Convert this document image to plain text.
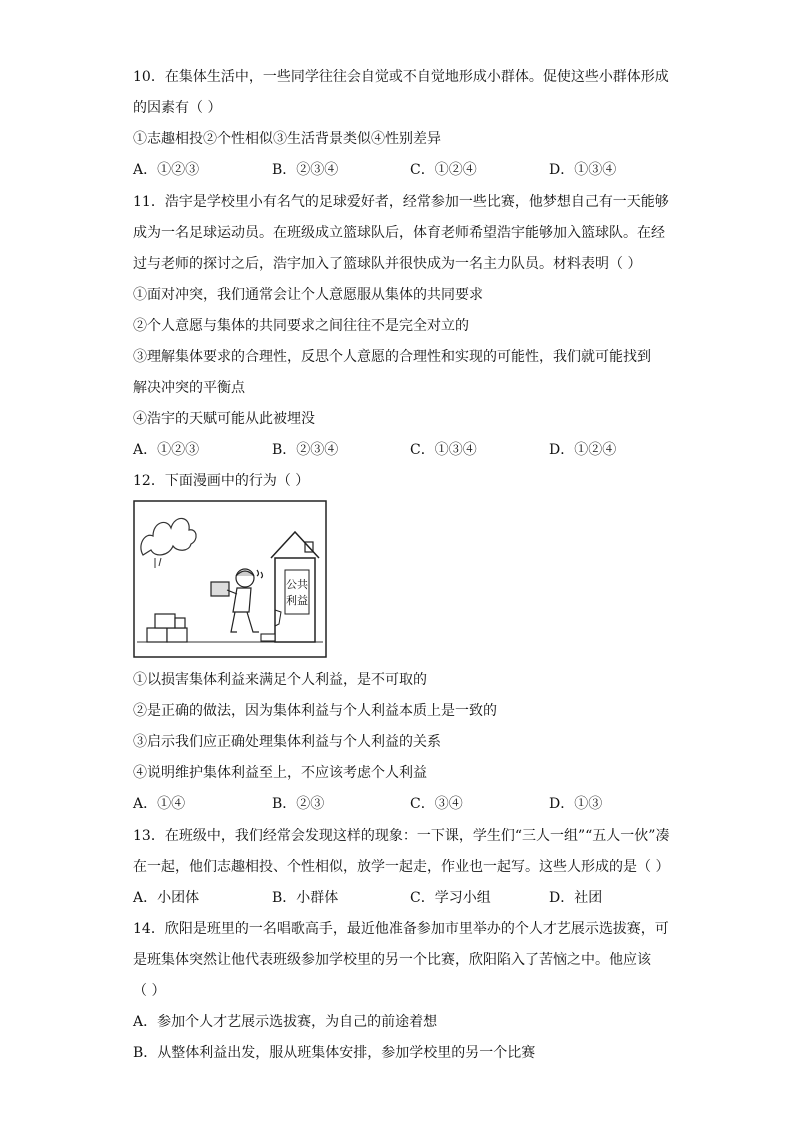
10．在集体生活中，一些同学往往会自觉或不自觉地形成小群体。促使这些小群体形成
的因素有（ ）
①志趣相投②个性相似③生活背景类似④性别差异
A．①②③	B．②③④	C．①②④	D．①③④
11．浩宇是学校里小有名气的足球爱好者，经常参加一些比赛，他梦想自己有一天能够
成为一名足球运动员。在班级成立篮球队后，体育老师希望浩宇能够加入篮球队。在经
过与老师的探讨之后，浩宇加入了篮球队并很快成为一名主力队员。材料表明（ ）
①面对冲突，我们通常会让个人意愿服从集体的共同要求
②个人意愿与集体的共同要求之间往往不是完全对立的
③理解集体要求的合理性，反思个人意愿的合理性和实现的可能性，我们就可能找到
解决冲突的平衡点
④浩宇的天赋可能从此被埋没
A．①②③	B．②③④	C．①③④	D．①②④
12．下面漫画中的行为（ ）
公共
利益
①以损害集体利益来满足个人利益，是不可取的
②是正确的做法，因为集体利益与个人利益本质上是一致的
③启示我们应正确处理集体利益与个人利益的关系
④说明维护集体利益至上，不应该考虑个人利益
A．①④	B．②③	C．③④	D．①③
13．在班级中，我们经常会发现这样的现象：一下课，学生们“三人一组”“五人一伙”凑
在一起，他们志趣相投、个性相似，放学一起走，作业也一起写。这些人形成的是（ ）
A．小团体	B．小群体	C．学习小组	D．社团
14．欣阳是班里的一名唱歌高手，最近他准备参加市里举办的个人才艺展示选拔赛，可
是班集体突然让他代表班级参加学校里的另一个比赛，欣阳陷入了苦恼之中。他应该
（ ）
A．参加个人才艺展示选拔赛，为自己的前途着想
B．从整体利益出发，服从班集体安排，参加学校里的另一个比赛
